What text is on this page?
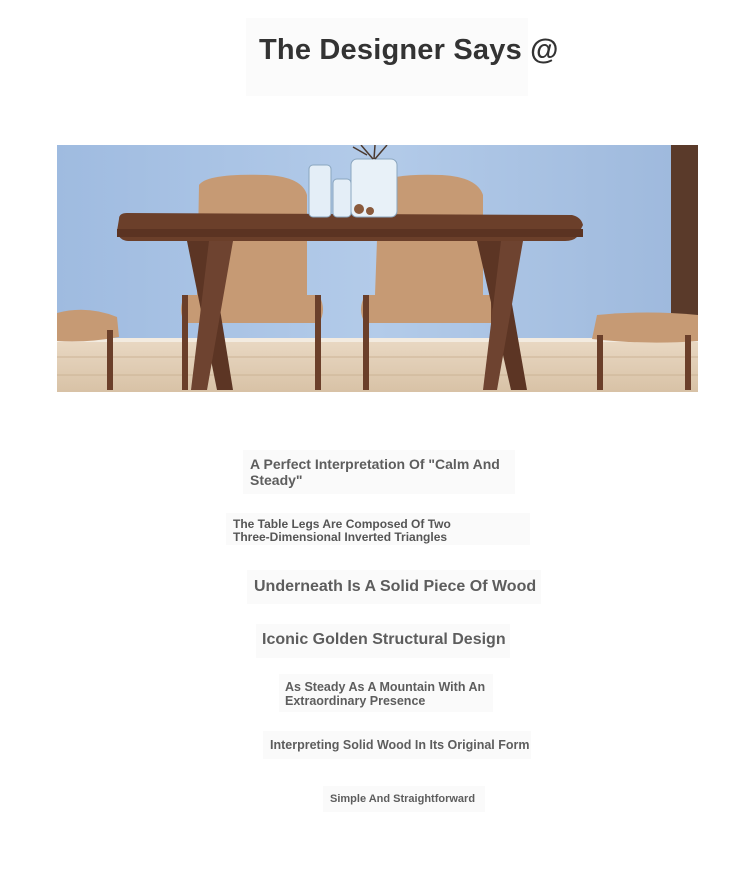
The Designer Says @
A Perfect Interpretation Of "Calm And Steady"
The Table Legs Are Composed Of Two Three-Dimensional Inverted Triangles
Underneath Is A Solid Piece Of Wood
Iconic Golden Structural Design
As Steady As A Mountain With An Extraordinary Presence
Interpreting Solid Wood In Its Original Form
Simple And Straightforward
